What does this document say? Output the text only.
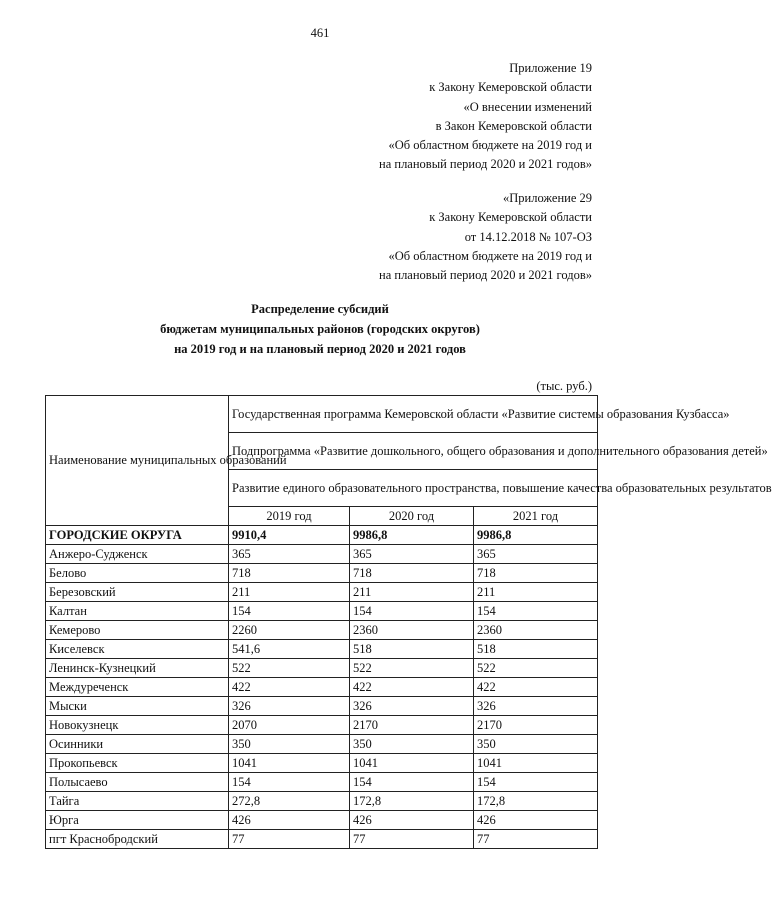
461
Приложение 19
к Закону Кемеровской области
«О внесении изменений
в Закон Кемеровской области
«Об областном бюджете на 2019 год и
на плановый период 2020 и 2021 годов»
«Приложение 29
к Закону Кемеровской области
от 14.12.2018 № 107-ОЗ
«Об областном бюджете на 2019 год и
на плановый период 2020 и 2021 годов»
Распределение субсидий
бюджетам муниципальных районов (городских округов)
на 2019 год и на плановый период 2020 и 2021 годов
(тыс. руб.)
Наименование муниципальных образований	Государственная программа Кемеровской области «Развитие системы образования Кузбасса»		
	Подпрограмма «Развитие дошкольного, общего образования и дополнительного образования детей»		
	Развитие единого образовательного пространства, повышение качества образовательных результатов		
	2019 год	2020 год	2021 год
ГОРОДСКИЕ ОКРУГА	9910,4	9986,8	9986,8
Анжеро-Судженск	365	365	365
Белово	718	718	718
Березовский	211	211	211
Калтан	154	154	154
Кемерово	2260	2360	2360
Киселевск	541,6	518	518
Ленинск-Кузнецкий	522	522	522
Междуреченск	422	422	422
Мыски	326	326	326
Новокузнецк	2070	2170	2170
Осинники	350	350	350
Прокопьевск	1041	1041	1041
Полысаево	154	154	154
Тайга	272,8	172,8	172,8
Юрга	426	426	426
пгт Краснобродский	77	77	77
